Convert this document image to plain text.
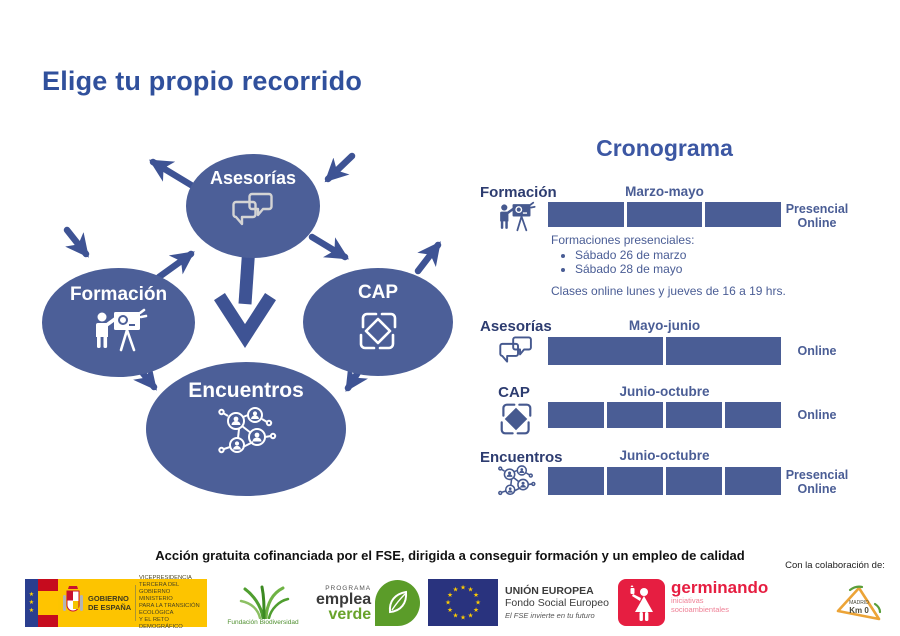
Elige tu propio recorrido
Asesorías
Formación	CAP
Encuentros
Cronograma
Formación	Marzo-mayo
Presencial
Online
Formaciones presenciales:
• Sábado 26 de marzo
• Sábado 28 de mayo
Clases online lunes y jueves de 16 a 19 hrs.
Asesorías	Mayo-junio
Online
CAP	Junio-octubre
Online
Encuentros	Junio-octubre
Presencial
Online
Acción gratuita cofinanciada por el FSE, dirigida a conseguir formación y un empleo de calidad
Con la colaboración de:
★
★
★
GOBIERNO
DE ESPAÑA
VICEPRESIDENCIA
TERCERA DEL GOBIERNO
MINISTERIO
PARA LA TRANSICIÓN ECOLÓGICA
Y EL RETO DEMOGRÁFICO
Fundación Biodiversidad
PROGRAMA
emplea
verde
★ ★
★
★
★
★
★
★
★
★
★
★	UNIÓN EUROPEA
Fondo Social Europeo
El FSE invierte en tu futuro
germinando
iniciativas
socioambientales
MADRID
Km 0
